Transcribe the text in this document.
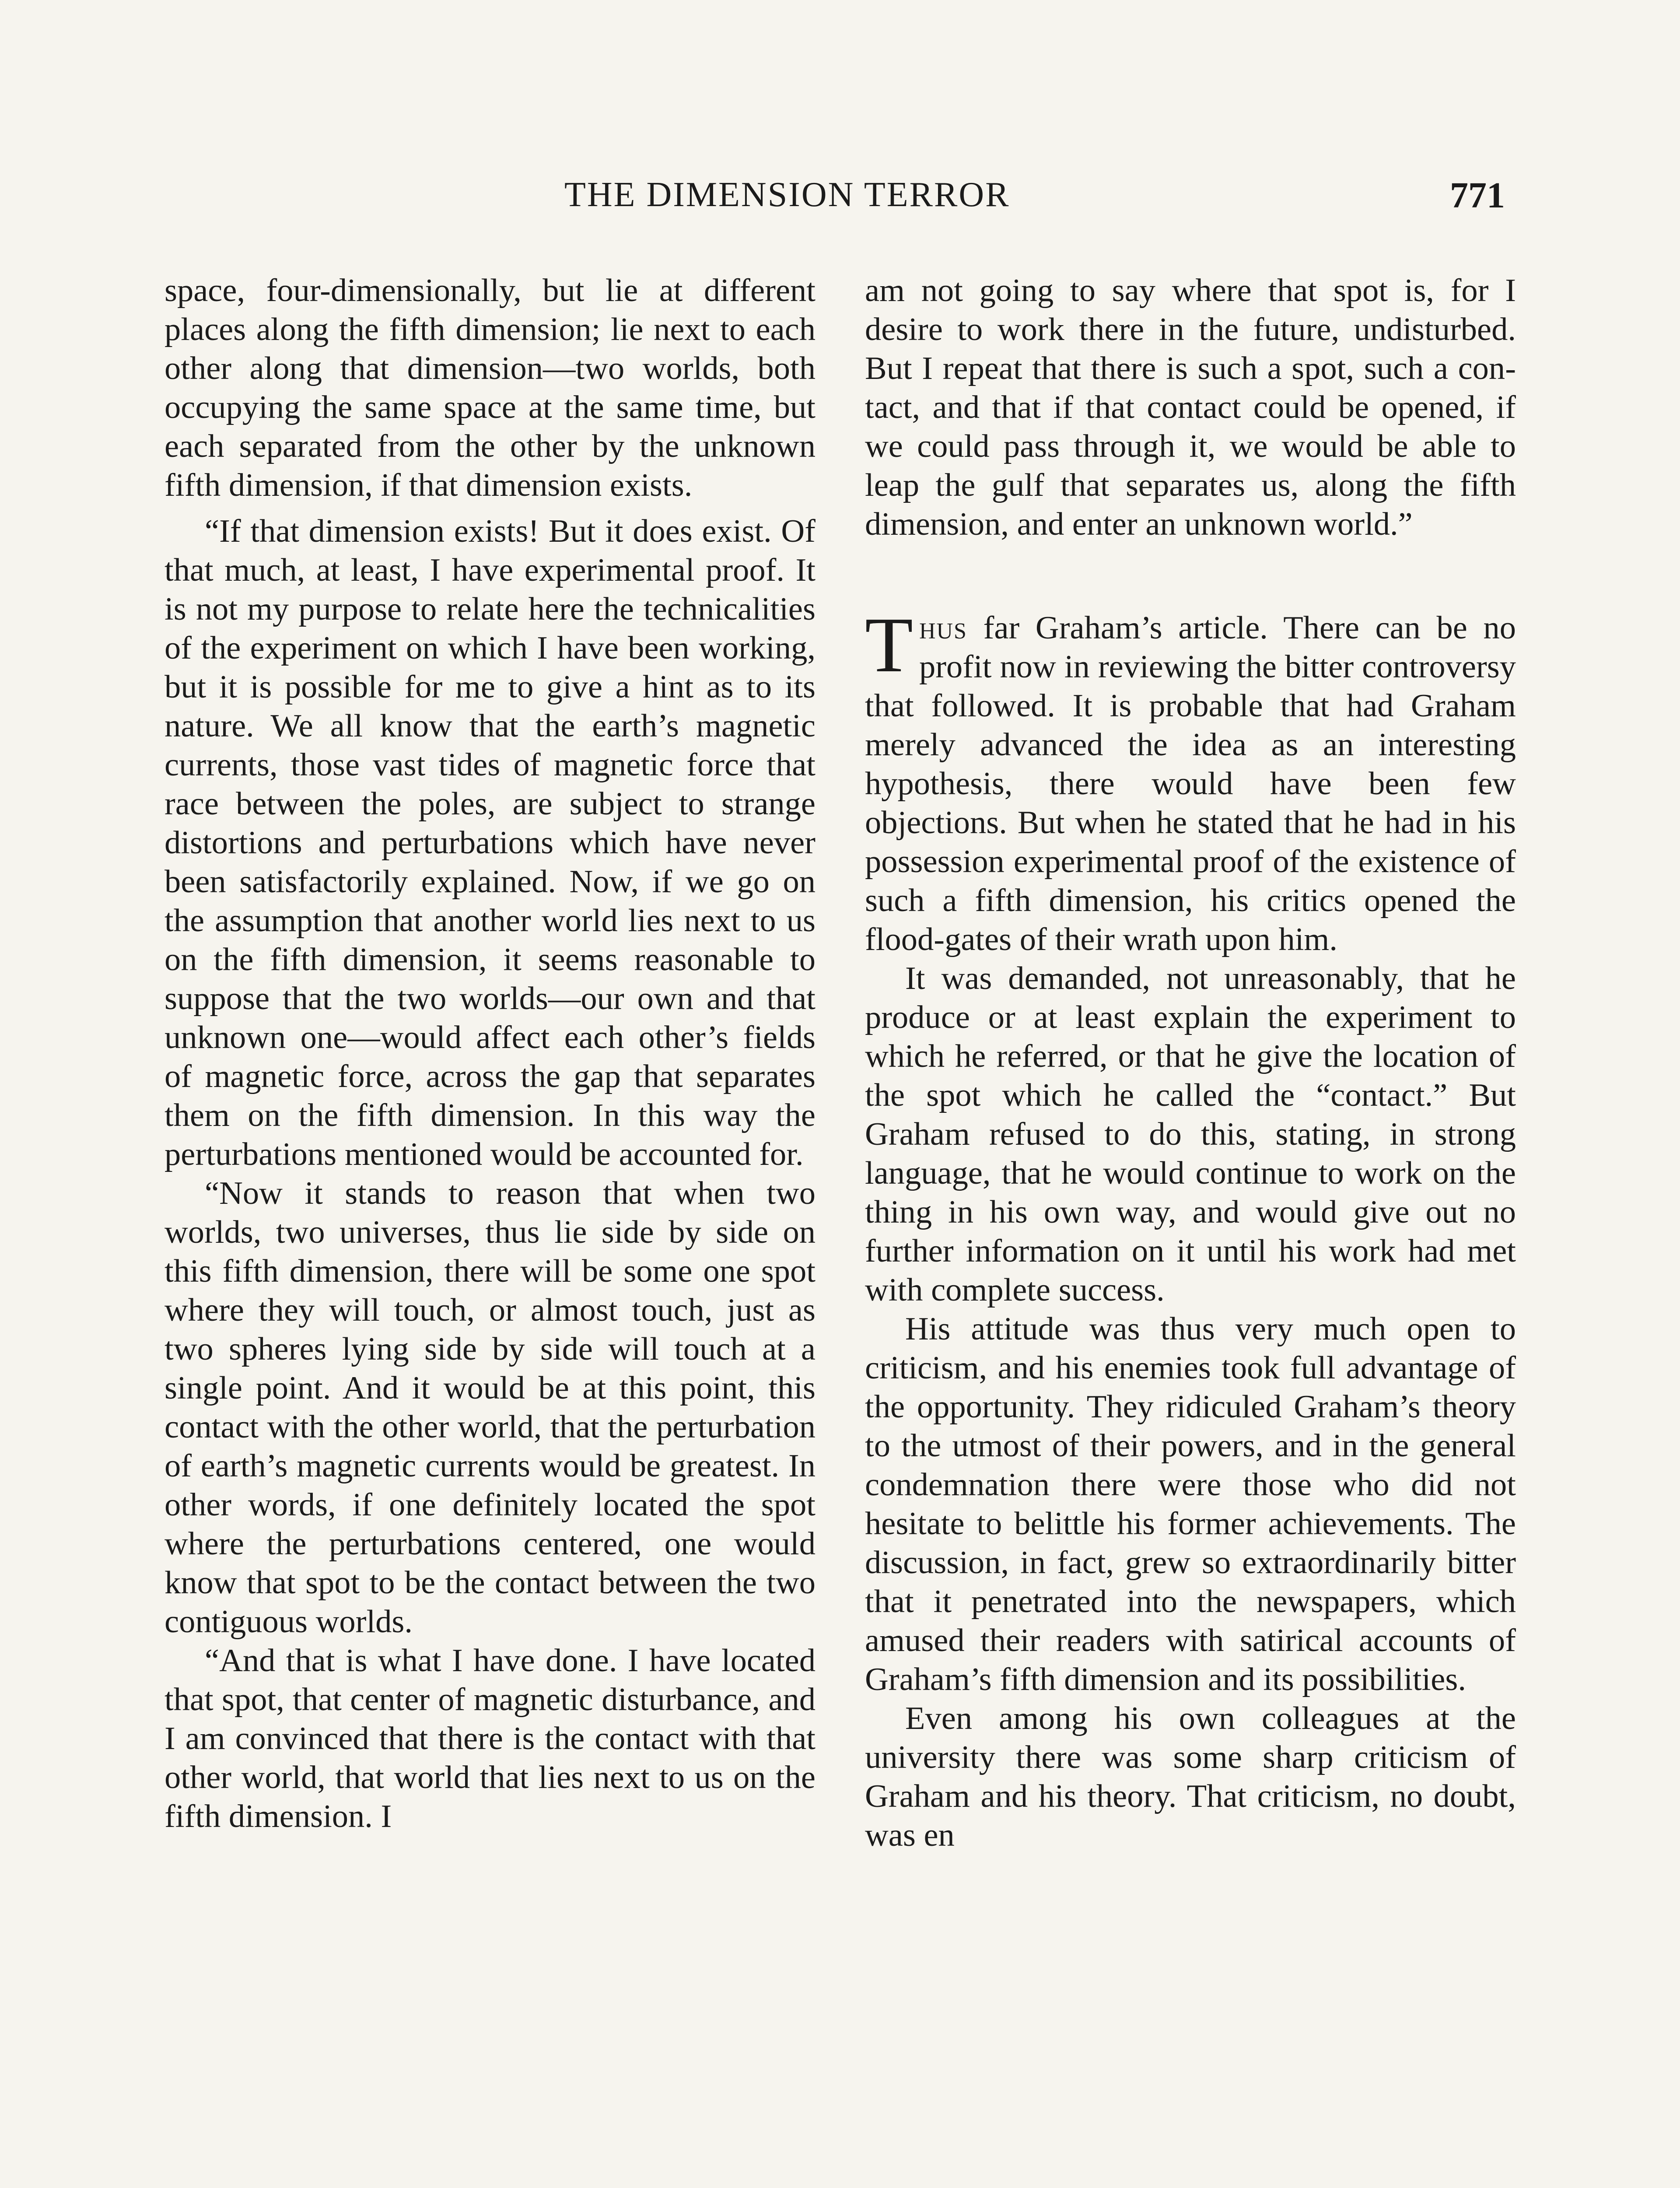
THE DIMENSION TERROR	771

space, four-dimensionally, but lie at different places along the fifth dimension; lie next to each other along that dimension—two worlds, both occupying the same space at the same time, but each separated from the other by the unknown fifth dimension, if that dimension exists.

“If that dimension exists! But it does exist. Of that much, at least, I have experimental proof. It is not my purpose to relate here the technicalities of the experiment on which I have been working, but it is possible for me to give a hint as to its nature. We all know that the earth’s magnetic currents, those vast tides of magnetic force that race between the poles, are subject to strange distortions and perturbations which have never been satisfactorily explained. Now, if we go on the assumption that another world lies next to us on the fifth dimension, it seems reasonable to suppose that the two worlds—our own and that unknown one—would affect each other’s fields of magnetic force, across the gap that separates them on the fifth dimension. In this way the perturbations mentioned would be accounted for.

“Now it stands to reason that when two worlds, two universes, thus lie side by side on this fifth dimension, there will be some one spot where they will touch, or almost touch, just as two spheres lying side by side will touch at a single point. And it would be at this point, this contact with the other world, that the perturbation of earth’s magnetic currents would be greatest. In other words, if one definitely located the spot where the perturbations centered, one would know that spot to be the contact between the two contiguous worlds.

“And that is what I have done. I have located that spot, that center of magnetic disturbance, and I am convinced that there is the contact with that other world, that world that lies next to us on the fifth dimension. I

am not going to say where that spot is, for I desire to work there in the future, undisturbed. But I repeat that there is such a spot, such a contact, and that if that contact could be opened, if we could pass through it, we would be able to leap the gulf that separates us, along the fifth dimension, and enter an unknown world.”

Thus far Graham’s article. There can be no profit now in reviewing the bitter controversy that followed. It is probable that had Graham merely advanced the idea as an interesting hypothesis, there would have been few objections. But when he stated that he had in his possession experimental proof of the existence of such a fifth dimension, his critics opened the flood-gates of their wrath upon him.

It was demanded, not unreasonably, that he produce or at least explain the experiment to which he referred, or that he give the location of the spot which he called the “contact.” But Graham refused to do this, stating, in strong language, that he would continue to work on the thing in his own way, and would give out no further information on it until his work had met with complete success.

His attitude was thus very much open to criticism, and his enemies took full advantage of the opportunity. They ridiculed Graham’s theory to the utmost of their powers, and in the general condemnation there were those who did not hesitate to belittle his former achievements. The discussion, in fact, grew so extraordinarily bitter that it penetrated into the newspapers, which amused their readers with satirical accounts of Graham’s fifth dimension and its possibilities.

Even among his own colleagues at the university there was some sharp criticism of Graham and his theory. That criticism, no doubt, was en
